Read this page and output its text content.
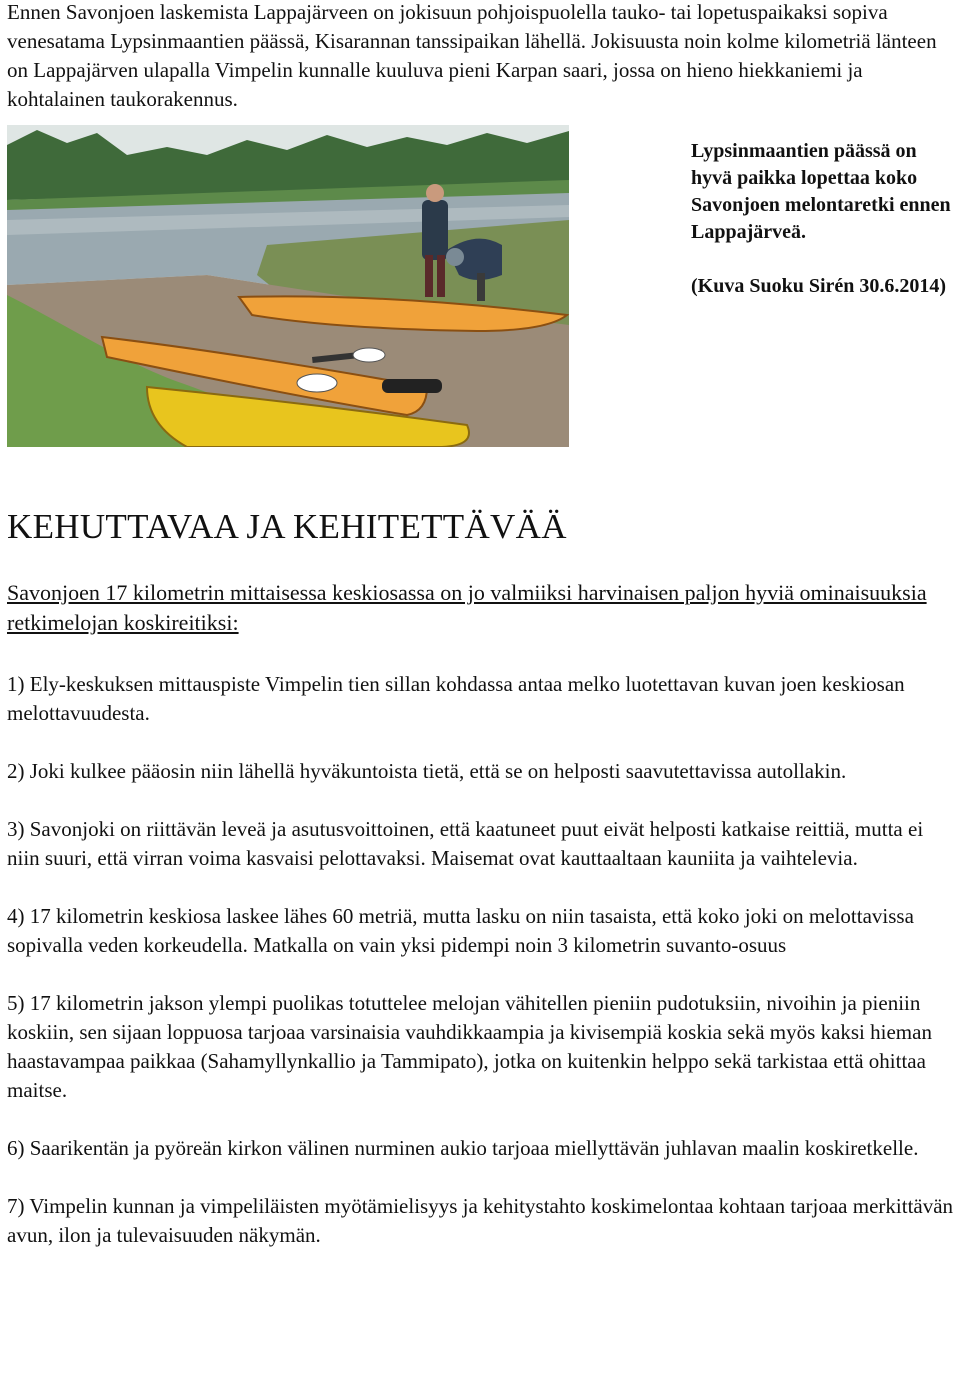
Ennen Savonjoen laskemista Lappajärveen on jokisuun pohjoispuolella tauko- tai lopetuspaikaksi sopiva venesatama Lypsinmaantien päässä, Kisarannan tanssipaikan lähellä. Jokisuusta noin kolme kilometriä länteen on Lappajärven ulapalla Vimpelin kunnalle kuuluva pieni Karpan saari, jossa on hieno hiekkaniemi ja kohtalainen taukorakennus.

Lypsinmaantien päässä on hyvä paikka lopettaa koko Savonjoen melontaretki ennen Lappajärveä.

(Kuva Suoku Sirén 30.6.2014)

KEHUTTAVAA JA KEHITETTÄVÄÄ

Savonjoen 17 kilometrin mittaisessa keskiosassa on jo valmiiksi harvinaisen paljon hyviä ominaisuuksia retkimelojan koskireitiksi:

1) Ely-keskuksen mittauspiste Vimpelin tien sillan kohdassa antaa melko luotettavan kuvan joen keskiosan melottavuudesta.

2) Joki kulkee pääosin niin lähellä hyväkuntoista tietä, että se on helposti saavutettavissa autollakin.

3) Savonjoki on riittävän leveä ja asutusvoittoinen, että kaatuneet puut eivät helposti katkaise reittiä, mutta ei niin suuri, että virran voima kasvaisi pelottavaksi. Maisemat ovat kauttaaltaan kauniita ja vaihtelevia.

4) 17 kilometrin keskiosa laskee lähes 60 metriä, mutta lasku on niin tasaista, että koko joki on melottavissa sopivalla veden korkeudella. Matkalla on vain yksi pidempi noin 3 kilometrin suvanto-osuus

5) 17 kilometrin jakson ylempi puolikas totuttelee melojan vähitellen pieniin pudotuksiin, nivoihin ja pieniin koskiin, sen sijaan loppuosa tarjoaa varsinaisia vauhdikkaampia ja kivisempiä koskia sekä myös kaksi hieman haastavampaa paikkaa (Sahamyllynkallio ja Tammipato), jotka on kuitenkin helppo sekä tarkistaa että ohittaa maitse.

6) Saarikentän ja pyöreän kirkon välinen nurminen aukio tarjoaa miellyttävän juhlavan maalin koskiretkelle.

7) Vimpelin kunnan ja vimpeliläisten myötämielisyys ja kehitystahto koskimelontaa kohtaan tarjoaa merkittävän avun, ilon ja tulevaisuuden näkymän.
